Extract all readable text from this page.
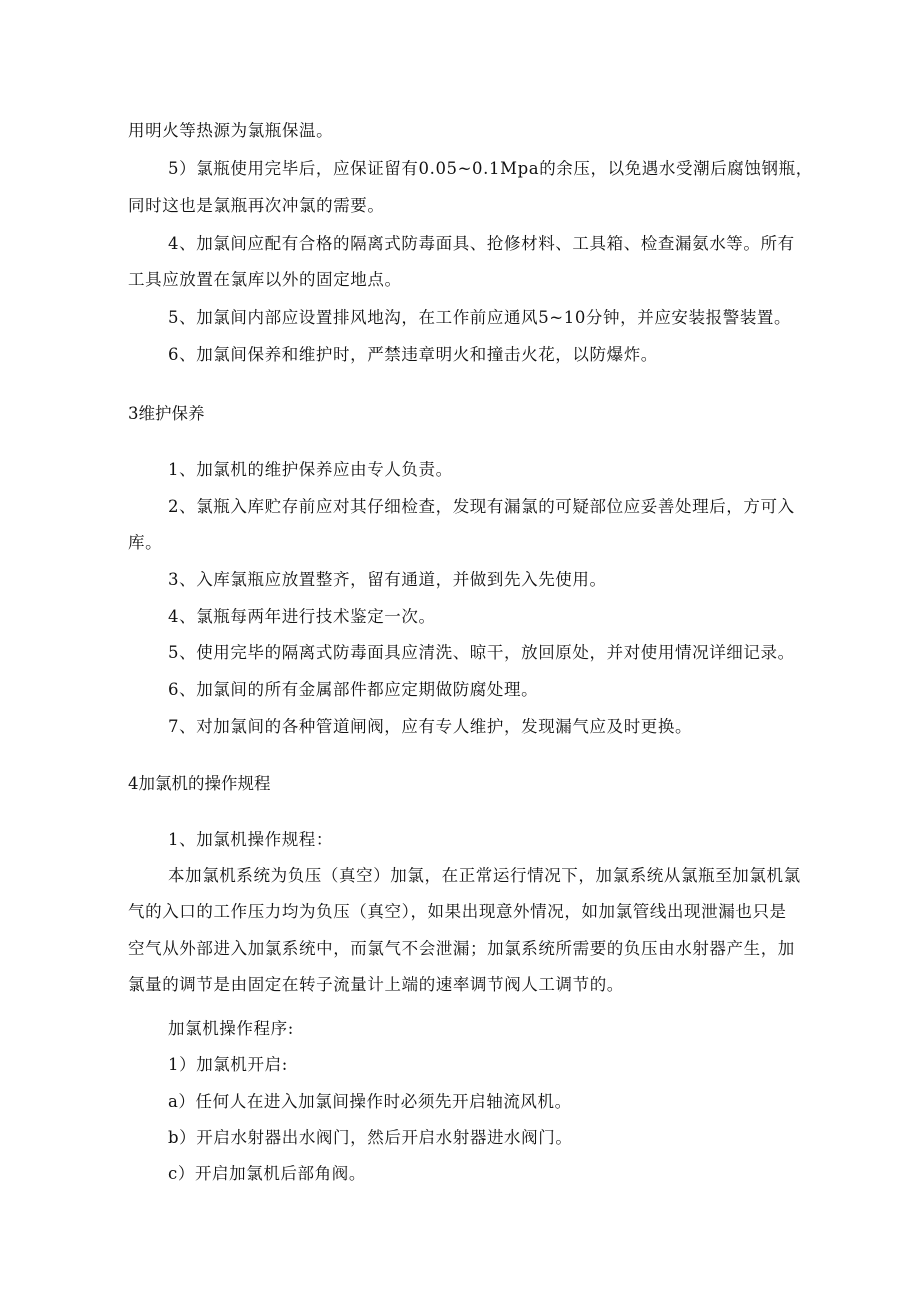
用明火等热源为氯瓶保温。
5）氯瓶使用完毕后，应保证留有0.05~0.1Mpa的余压，以免遇水受潮后腐蚀钢瓶，
同时这也是氯瓶再次冲氯的需要。
4、加氯间应配有合格的隔离式防毒面具、抢修材料、工具箱、检查漏氨水等。所有
工具应放置在氯库以外的固定地点。
5、加氯间内部应设置排风地沟，在工作前应通风5~10分钟，并应安装报警装置。
6、加氯间保养和维护时，严禁违章明火和撞击火花，以防爆炸。
3维护保养
1、加氯机的维护保养应由专人负责。
2、氯瓶入库贮存前应对其仔细检查，发现有漏氯的可疑部位应妥善处理后，方可入
库。
3、入库氯瓶应放置整齐，留有通道，并做到先入先使用。
4、氯瓶每两年进行技术鉴定一次。
5、使用完毕的隔离式防毒面具应清洗、晾干，放回原处，并对使用情况详细记录。
6、加氯间的所有金属部件都应定期做防腐处理。
7、对加氯间的各种管道闸阀，应有专人维护，发现漏气应及时更换。
4加氯机的操作规程
1、加氯机操作规程：
本加氯机系统为负压（真空）加氯，在正常运行情况下，加氯系统从氯瓶至加氯机氯
气的入口的工作压力均为负压（真空），如果出现意外情况，如加氯管线出现泄漏也只是
空气从外部进入加氯系统中，而氯气不会泄漏；加氯系统所需要的负压由水射器产生，加
氯量的调节是由固定在转子流量计上端的速率调节阀人工调节的。
加氯机操作程序:
1）加氯机开启:
a）任何人在进入加氯间操作时必须先开启轴流风机。
b）开启水射器出水阀门，然后开启水射器进水阀门。
c）开启加氯机后部角阀。
